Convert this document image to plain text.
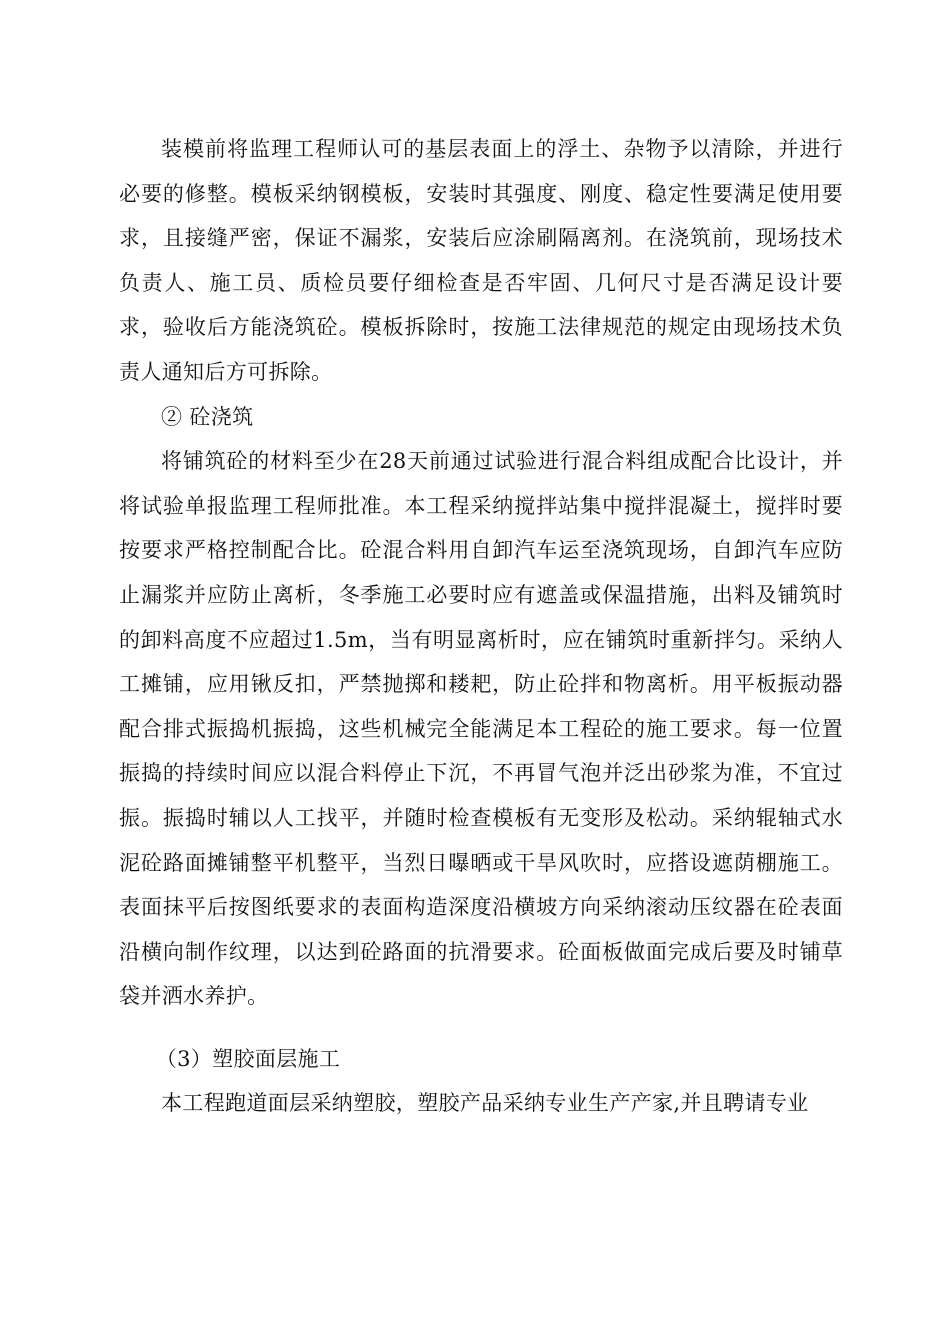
装模前将监理工程师认可的基层表面上的浮土、杂物予以清除，并进行必要的修整。模板采纳钢模板，安装时其强度、刚度、稳定性要满足使用要求，且接缝严密，保证不漏浆，安装后应涂刷隔离剂。在浇筑前，现场技术负责人、施工员、质检员要仔细检查是否牢固、几何尺寸是否满足设计要求，验收后方能浇筑砼。模板拆除时，按施工法律规范的规定由现场技术负责人通知后方可拆除。

② 砼浇筑

将铺筑砼的材料至少在28天前通过试验进行混合料组成配合比设计，并将试验单报监理工程师批准。本工程采纳搅拌站集中搅拌混凝土，搅拌时要按要求严格控制配合比。砼混合料用自卸汽车运至浇筑现场，自卸汽车应防止漏浆并应防止离析，冬季施工必要时应有遮盖或保温措施，出料及铺筑时的卸料高度不应超过1.5m，当有明显离析时，应在铺筑时重新拌匀。采纳人工摊铺，应用锹反扣，严禁抛掷和耧耙，防止砼拌和物离析。用平板振动器配合排式振捣机振捣，这些机械完全能满足本工程砼的施工要求。每一位置振捣的持续时间应以混合料停止下沉，不再冒气泡并泛出砂浆为准，不宜过振。振捣时辅以人工找平，并随时检查模板有无变形及松动。采纳辊轴式水泥砼路面摊铺整平机整平，当烈日曝晒或干旱风吹时，应搭设遮荫棚施工。表面抹平后按图纸要求的表面构造深度沿横坡方向采纳滚动压纹器在砼表面沿横向制作纹理，以达到砼路面的抗滑要求。砼面板做面完成后要及时铺草袋并洒水养护。

（3）塑胶面层施工

本工程跑道面层采纳塑胶，塑胶产品采纳专业生产产家,并且聘请专业
